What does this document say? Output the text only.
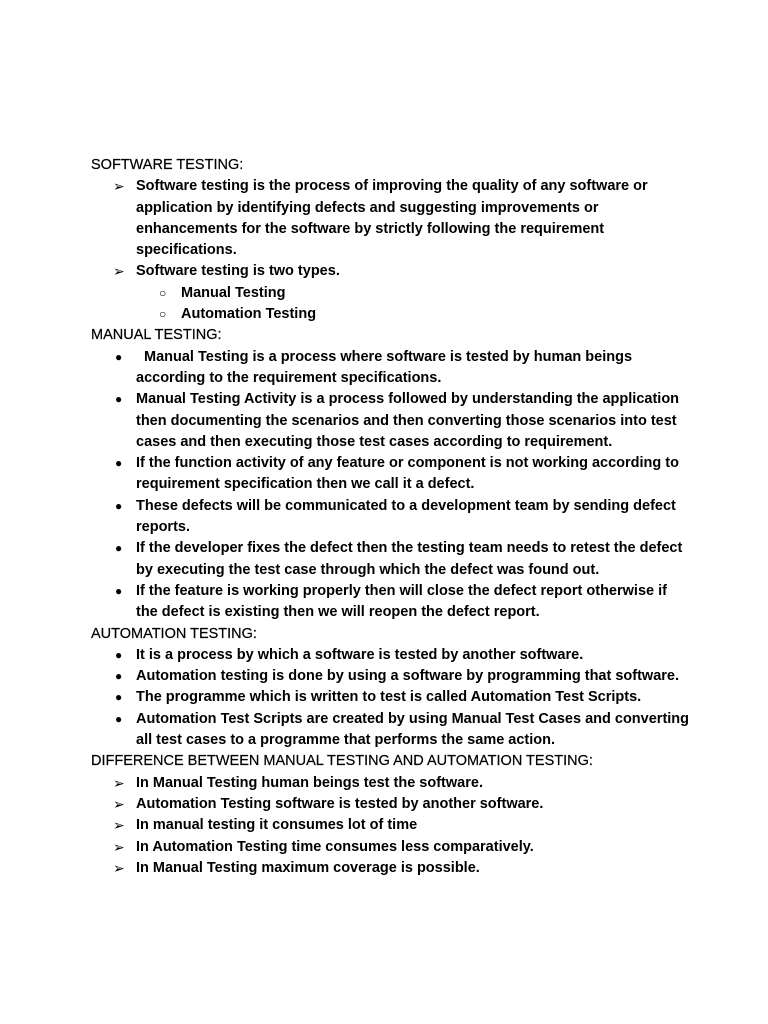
SOFTWARE TESTING:

➢ Software testing is the process of improving the quality of any software or application by identifying defects and suggesting improvements or enhancements for the software by strictly following the requirement specifications.
➢ Software testing is two types.
○	Manual Testing
○	Automation Testing

MANUAL TESTING:

●	Manual Testing is a process where software is tested by human beings according to the requirement specifications.
● Manual Testing Activity is a process followed by understanding the application then documenting the scenarios and then converting those scenarios into test cases and then executing those test cases according to requirement.
● If the function activity of any feature or component is not working according to requirement specification then we call it a defect.
● These defects will be communicated to a development team by sending defect reports.
● If the developer fixes the defect then the testing team needs to retest the defect by executing the test case through which the defect was found out.
● If the feature is working properly then will close the defect report otherwise if the defect is existing then we will reopen the defect report.

AUTOMATION TESTING:

● It is a process by which a software is tested by another software.
● Automation testing is done by using a software by programming that software.
● The programme which is written to test is called Automation Test Scripts.
● Automation Test Scripts are created by using Manual Test Cases and converting all test cases to a programme that performs the same action.

DIFFERENCE BETWEEN MANUAL TESTING AND AUTOMATION TESTING:

➢ In Manual Testing human beings test the software.
➢ Automation Testing software is tested by another software.
➢ In manual testing it consumes lot of time
➢ In Automation Testing time consumes less comparatively.
➢ In Manual Testing maximum coverage is possible.
